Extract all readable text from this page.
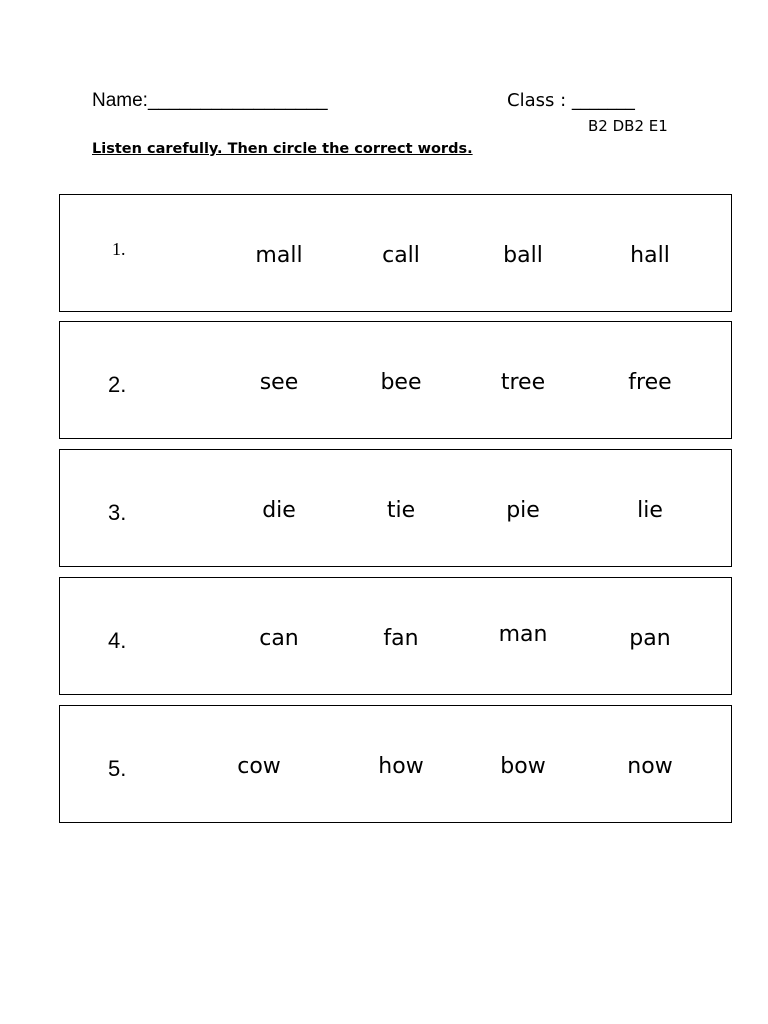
Name:_________________	Class : _______
B2 DB2 E1
Listen carefully. Then circle the correct words.
1.	mall	call	ball	hall
2.	see	bee	tree	free
3.	die	tie	pie	lie
4.	can	fan	man	pan
5.	cow	how	bow	now
